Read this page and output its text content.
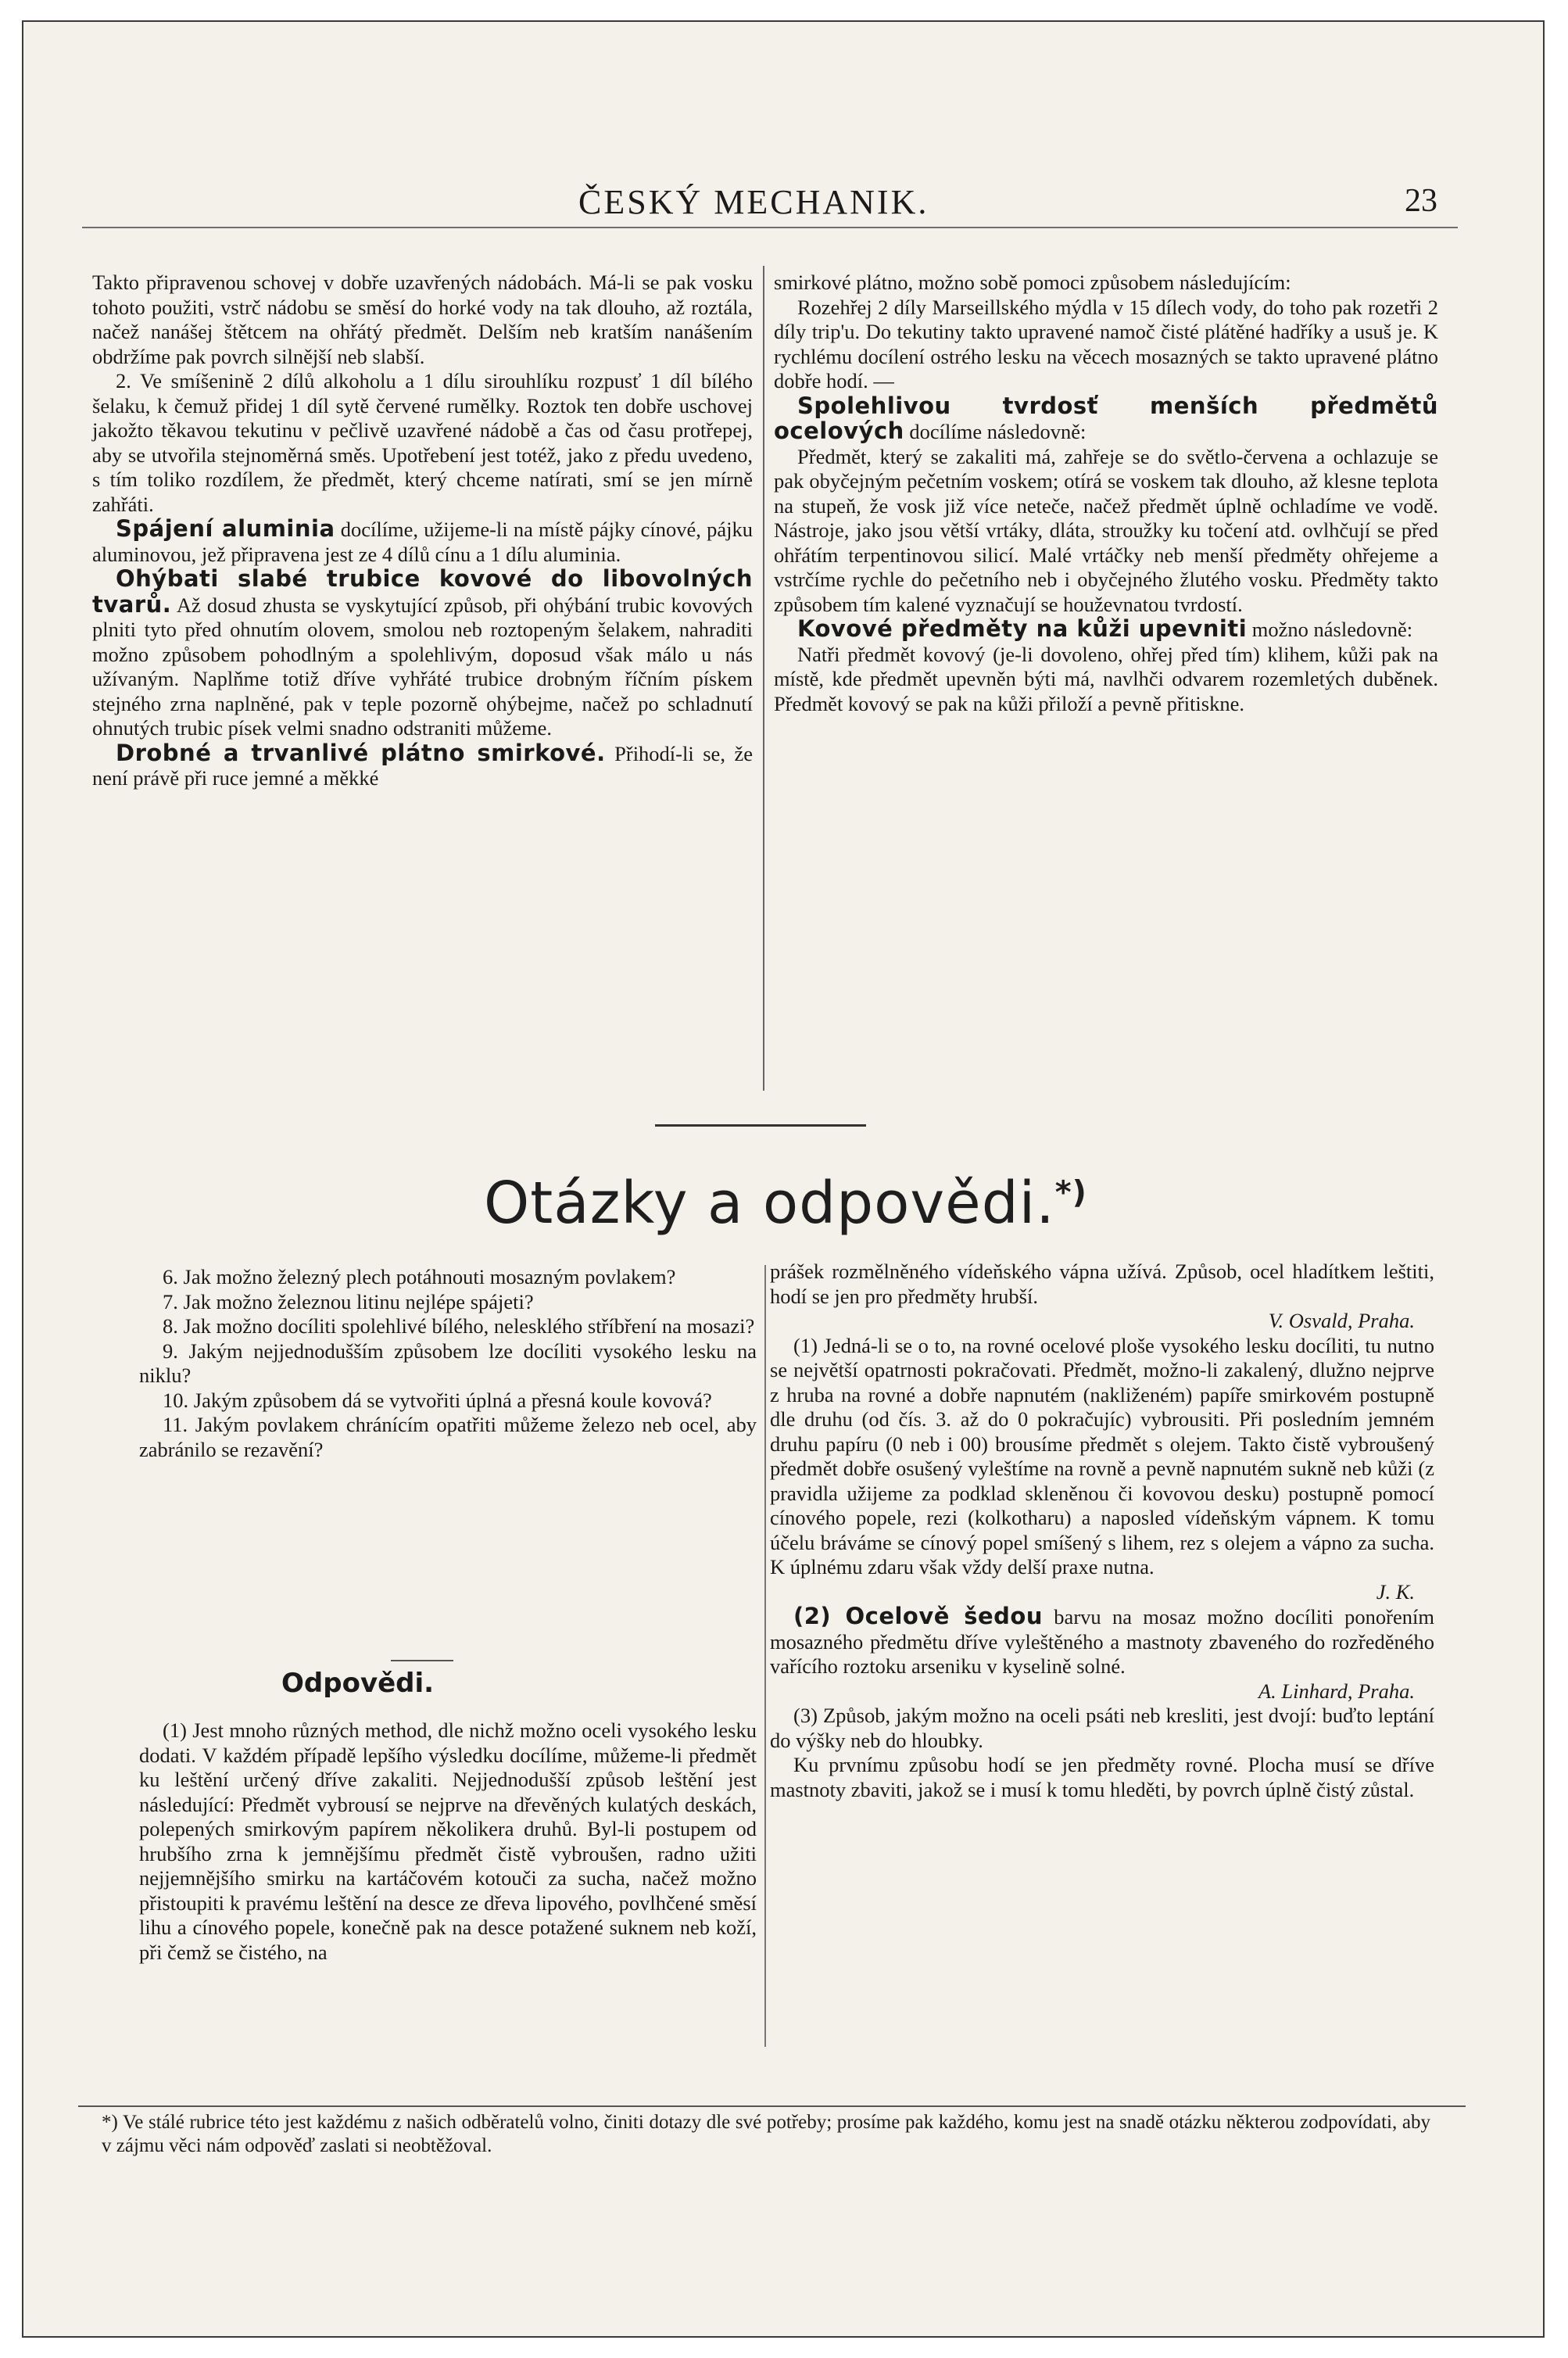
ČESKÝ MECHANIK.	23

Takto připravenou schovej v dobře uzavřených nádobách. Má-li se pak vosku tohoto použiti, vstrč nádobu se směsí do horké vody na tak dlouho, až roztála, načež nanášej štětcem na ohřátý předmět. Delším neb kratším nanášením obdržíme pak povrch silnější neb slabší.

2. Ve smíšenině 2 dílů alkoholu a 1 dílu sirouhlíku rozpusť 1 díl bílého šelaku, k čemuž přidej 1 díl sytě červené rumělky. Roztok ten dobře uschovej jakožto těkavou tekutinu v pečlivě uzavřené nádobě a čas od času protřepej, aby se utvořila stejnoměrná směs. Upotřebení jest totéž, jako z předu uvedeno, s tím toliko rozdílem, že předmět, který chceme natírati, smí se jen mírně zahřáti.

Spájení aluminia docílíme, užijeme-li na místě pájky cínové, pájku aluminovou, jež připravena jest ze 4 dílů cínu a 1 dílu aluminia.

Ohýbati slabé trubice kovové do libovolných tvarů. Až dosud zhusta se vyskytující způsob, při ohýbání trubic kovových plniti tyto před ohnutím olovem, smolou neb roztopeným šelakem, nahraditi možno způsobem pohodlným a spolehlivým, doposud však málo u nás užívaným. Naplňme totiž dříve vyhřáté trubice drobným říčním pískem stejného zrna naplněné, pak v teple pozorně ohýbejme, načež po schladnutí ohnutých trubic písek velmi snadno odstraniti můžeme.

Drobné a trvanlivé plátno smirkové. Přihodí-li se, že není právě při ruce jemné a měkké

smirkové plátno, možno sobě pomoci způsobem následujícím:

Rozehřej 2 díly Marseillského mýdla v 15 dílech vody, do toho pak rozetři 2 díly trip'u. Do tekutiny takto upravené namoč čisté plátěné hadříky a usuš je. K rychlému docílení ostrého lesku na věcech mosazných se takto upravené plátno dobře hodí. —

Spolehlivou tvrdosť menších předmětů ocelových docílíme následovně:

Předmět, který se zakaliti má, zahřeje se do světlo-červena a ochlazuje se pak obyčejným pečetním voskem; otírá se voskem tak dlouho, až klesne teplota na stupeň, že vosk již více neteče, načež předmět úplně ochladíme ve vodě. Nástroje, jako jsou větší vrtáky, dláta, stroužky ku točení atd. ovlhčují se před ohřátím terpentinovou silicí. Malé vrtáčky neb menší předměty ohřejeme a vstrčíme rychle do pečetního neb i obyčejného žlutého vosku. Předměty takto způsobem tím kalené vyznačují se houževnatou tvrdostí.

Kovové předměty na kůži upevniti možno následovně:

Natři předmět kovový (je-li dovoleno, ohřej před tím) klihem, kůži pak na místě, kde předmět upevněn býti má, navlhči odvarem rozemletých duběnek. Předmět kovový se pak na kůži přiloží a pevně přitiskne.

Otázky a odpovědi.*)

6. Jak možno železný plech potáhnouti mosazným povlakem?

7. Jak možno železnou litinu nejlépe spájeti?

8. Jak možno docíliti spolehlivé bílého, nelesklého stříbření na mosazi?

9. Jakým nejjednodušším způsobem lze docíliti vysokého lesku na niklu?

10. Jakým způsobem dá se vytvořiti úplná a přesná koule kovová?

11. Jakým povlakem chránícím opatřiti můžeme železo neb ocel, aby zabránilo se rezavění?

Odpovědi.

(1) Jest mnoho různých method, dle nichž možno oceli vysokého lesku dodati. V každém případě lepšího výsledku docílíme, můžeme-li předmět ku leštění určený dříve zakaliti. Nejjednodušší způsob leštění jest následující: Předmět vybrousí se nejprve na dřevěných kulatých deskách, polepených smirkovým papírem několikera druhů. Byl-li postupem od hrubšího zrna k jemnějšímu předmět čistě vybroušen, radno užiti nejjemnějšího smirku na kartáčovém kotouči za sucha, načež možno přistoupiti k pravému leštění na desce ze dřeva lipového, povlhčené směsí lihu a cínového popele, konečně pak na desce potažené suknem neb koží, při čemž se čistého, na

prášek rozmělněného vídeňského vápna užívá. Způsob, ocel hladítkem leštiti, hodí se jen pro předměty hrubší.

V. Osvald, Praha.

(1) Jedná-li se o to, na rovné ocelové ploše vysokého lesku docíliti, tu nutno se největší opatrnosti pokračovati. Předmět, možno-li zakalený, dlužno nejprve z hruba na rovné a dobře napnutém (nakliženém) papíře smirkovém postupně dle druhu (od čís. 3. až do 0 pokračujíc) vybrousiti. Při posledním jemném druhu papíru (0 neb i 00) brousíme předmět s olejem. Takto čistě vybroušený předmět dobře osušený vyleštíme na rovně a pevně napnutém sukně neb kůži (z pravidla užijeme za podklad skleněnou či kovovou desku) postupně pomocí cínového popele, rezi (kolkotharu) a naposled vídeňským vápnem. K tomu účelu bráváme se cínový popel smíšený s lihem, rez s olejem a vápno za sucha. K úplnému zdaru však vždy delší praxe nutna.

J. K.

(2) Ocelově šedou barvu na mosaz možno docíliti ponořením mosazného předmětu dříve vyleštěného a mastnoty zbaveného do rozředěného vařícího roztoku arseniku v kyselině solné.

A. Linhard, Praha.

(3) Způsob, jakým možno na oceli psáti neb kresliti, jest dvojí: buďto leptání do výšky neb do hloubky.

Ku prvnímu způsobu hodí se jen předměty rovné. Plocha musí se dříve mastnoty zbaviti, jakož se i musí k tomu hleděti, by povrch úplně čistý zůstal.

*) Ve stálé rubrice této jest každému z našich odběratelů volno, činiti dotazy dle své potřeby; prosíme pak každého, komu jest na snadě otázku některou zodpovídati, aby v zájmu věci nám odpověď zaslati si neobtěžoval.
